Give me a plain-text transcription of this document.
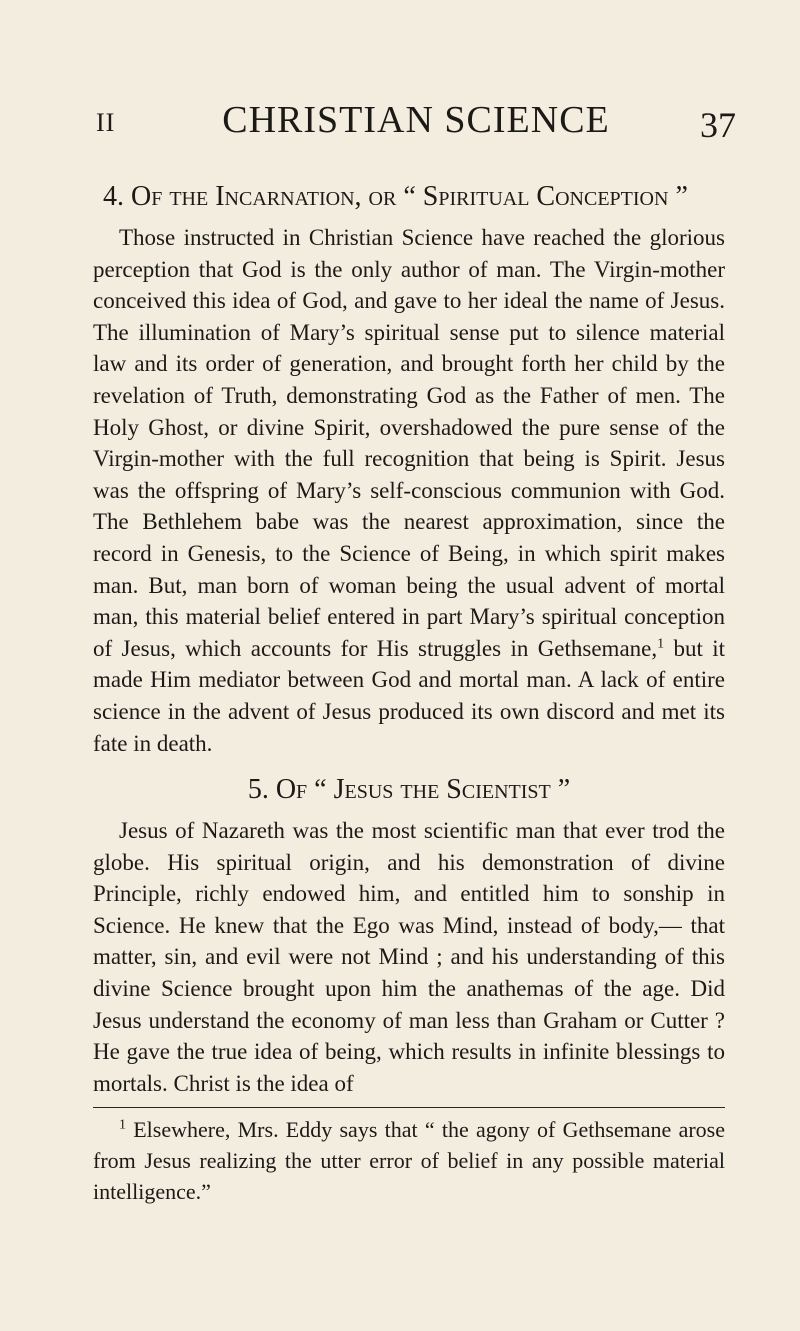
II	CHRISTIAN SCIENCE	37
4. Of the Incarnation, or “ Spiritual Conception ”

Those instructed in Christian Science have reached the glorious perception that God is the only author of man. The Virgin-mother conceived this idea of God, and gave to her ideal the name of Jesus. The illumination of Mary’s spiritual sense put to silence material law and its order of generation, and brought forth her child by the revelation of Truth, demonstrating God as the Father of men. The Holy Ghost, or divine Spirit, overshadowed the pure sense of the Virgin-mother with the full recognition that being is Spirit. Jesus was the offspring of Mary’s self-conscious communion with God. The Bethlehem babe was the nearest approximation, since the record in Genesis, to the Science of Being, in which spirit makes man. But, man born of woman being the usual advent of mortal man, this material belief entered in part Mary’s spiritual conception of Jesus, which accounts for His struggles in Gethsemane,$^1$ but it made Him mediator between God and mortal man. A lack of entire science in the advent of Jesus produced its own discord and met its fate in death.

5. Of “ Jesus the Scientist ”

Jesus of Nazareth was the most scientific man that ever trod the globe. His spiritual origin, and his demonstration of divine Principle, richly endowed him, and entitled him to sonship in Science. He knew that the Ego was Mind, instead of body,— that matter, sin, and evil were not Mind ; and his understanding of this divine Science brought upon him the anathemas of the age. Did Jesus understand the economy of man less than Graham or Cutter ? He gave the true idea of being, which results in infinite blessings to mortals. Christ is the idea of

$^1$ Elsewhere, Mrs. Eddy says that “ the agony of Gethsemane arose from Jesus realizing the utter error of belief in any possible material intelligence.”
